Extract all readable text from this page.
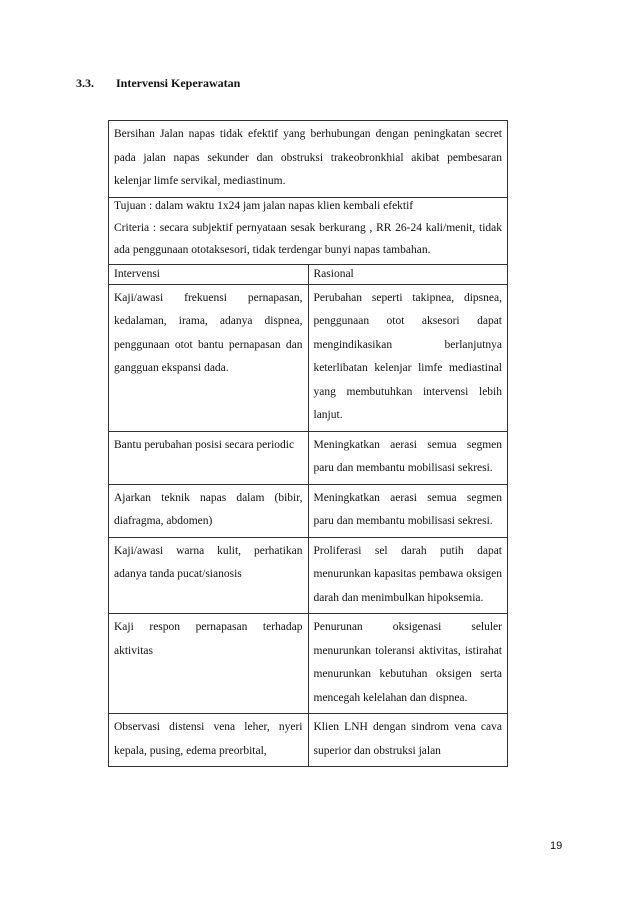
3.3. Intervensi Keperawatan
Bersihan Jalan napas tidak efektif yang berhubungan dengan peningkatan secret pada jalan napas sekunder dan obstruksi trakeobronkhial akibat pembesaran kelenjar limfe servikal, mediastinum.	

Tujuan : dalam waktu 1x24 jam jalan napas klien kembali efektif
Criteria : secara subjektif pernyataan sesak berkurang , RR 26-24 kali/menit, tidak ada penggunaan ototaksesori, tidak terdengar bunyi napas tambahan.	
Intervensi	Rasional
Kaji/awasi frekuensi pernapasan, kedalaman, irama, adanya dispnea, penggunaan otot bantu pernapasan dan gangguan ekspansi dada.	Perubahan seperti takipnea, dipsnea, penggunaan otot aksesori dapat mengindikasikan berlanjutnya keterlibatan kelenjar limfe mediastinal yang membutuhkan intervensi lebih lanjut.
Bantu perubahan posisi secara periodic	Meningkatkan aerasi semua segmen paru dan membantu mobilisasi sekresi.
Ajarkan teknik napas dalam (bibir, diafragma, abdomen)	Meningkatkan aerasi semua segmen paru dan membantu mobilisasi sekresi.
Kaji/awasi warna kulit, perhatikan adanya tanda pucat/sianosis	Proliferasi sel darah putih dapat menurunkan kapasitas pembawa oksigen darah dan menimbulkan hipoksemia.
Kaji respon pernapasan terhadap aktivitas	Penurunan oksigenasi seluler menurunkan toleransi aktivitas, istirahat menurunkan kebutuhan oksigen serta mencegah kelelahan dan dispnea.
Observasi distensi vena leher, nyeri kepala, pusing, edema preorbital,	Klien LNH dengan sindrom vena cava superior dan obstruksi jalan
19
